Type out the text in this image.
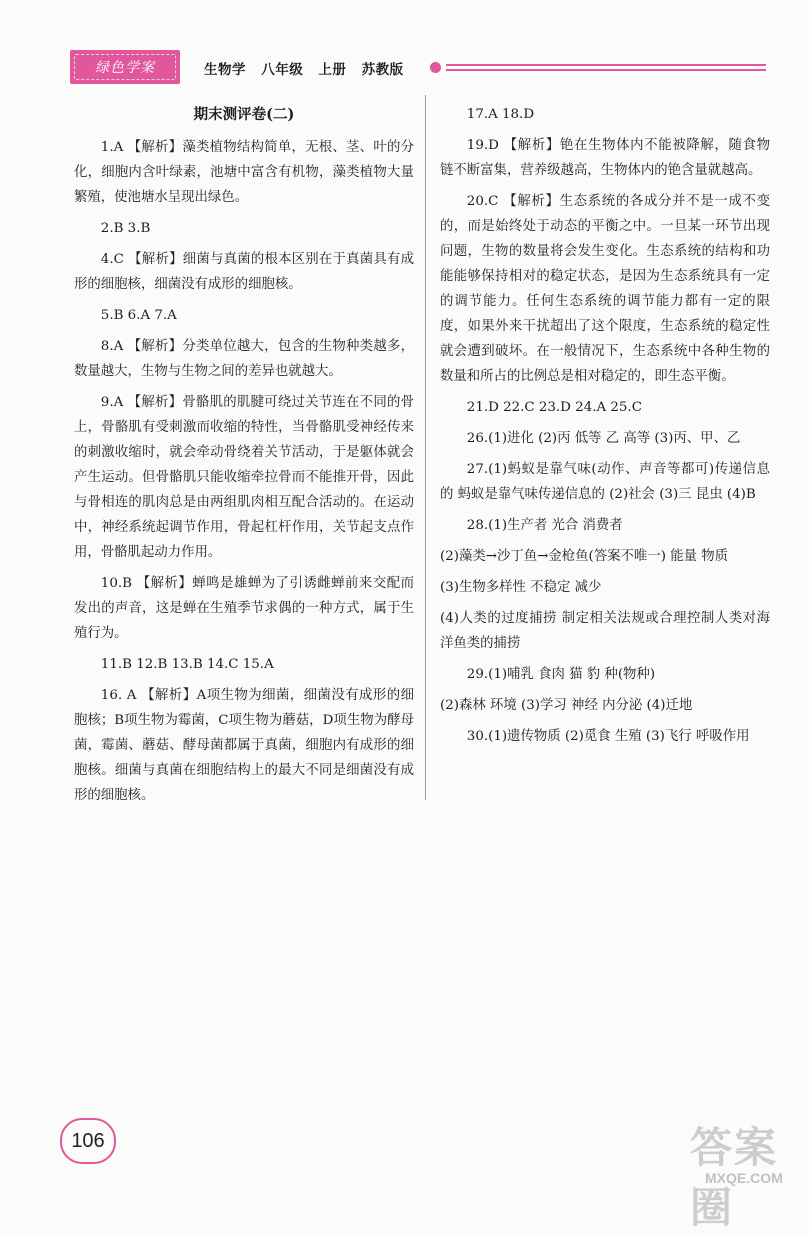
绿色学案	生物学 八年级 上册 苏教版
期末测评卷(二)

1.A 【解析】藻类植物结构简单，无根、茎、叶的分化，细胞内含叶绿素，池塘中富含有机物，藻类植物大量繁殖，使池塘水呈现出绿色。

2.B 3.B

4.C 【解析】细菌与真菌的根本区别在于真菌具有成形的细胞核，细菌没有成形的细胞核。

5.B 6.A 7.A

8.A 【解析】分类单位越大，包含的生物种类越多，数量越大，生物与生物之间的差异也就越大。

9.A 【解析】骨骼肌的肌腱可绕过关节连在不同的骨上，骨骼肌有受刺激而收缩的特性，当骨骼肌受神经传来的刺激收缩时，就会牵动骨绕着关节活动，于是躯体就会产生运动。但骨骼肌只能收缩牵拉骨而不能推开骨，因此与骨相连的肌肉总是由两组肌肉相互配合活动的。在运动中，神经系统起调节作用，骨起杠杆作用，关节起支点作用，骨骼肌起动力作用。

10.B 【解析】蝉鸣是雄蝉为了引诱雌蝉前来交配而发出的声音，这是蝉在生殖季节求偶的一种方式，属于生殖行为。

11.B 12.B 13.B 14.C 15.A

16. A 【解析】A项生物为细菌，细菌没有成形的细胞核；B项生物为霉菌，C项生物为蘑菇，D项生物为酵母菌，霉菌、蘑菇、酵母菌都属于真菌，细胞内有成形的细胞核。细菌与真菌在细胞结构上的最大不同是细菌没有成形的细胞核。

17.A 18.D

19.D 【解析】铯在生物体内不能被降解，随食物链不断富集，营养级越高，生物体内的铯含量就越高。

20.C 【解析】生态系统的各成分并不是一成不变的，而是始终处于动态的平衡之中。一旦某一环节出现问题，生物的数量将会发生变化。生态系统的结构和功能能够保持相对的稳定状态，是因为生态系统具有一定的调节能力。任何生态系统的调节能力都有一定的限度，如果外来干扰超出了这个限度，生态系统的稳定性就会遭到破坏。在一般情况下，生态系统中各种生物的数量和所占的比例总是相对稳定的，即生态平衡。

21.D 22.C 23.D 24.A 25.C

26.(1)进化 (2)丙 低等 乙 高等 (3)丙、甲、乙

27.(1)蚂蚁是靠气味(动作、声音等都可)传递信息的 蚂蚁是靠气味传递信息的 (2)社会 (3)三 昆虫 (4)B

28.(1)生产者 光合 消费者

(2)藻类→沙丁鱼→金枪鱼(答案不唯一) 能量 物质

(3)生物多样性 不稳定 减少

(4)人类的过度捕捞 制定相关法规或合理控制人类对海洋鱼类的捕捞

29.(1)哺乳 食肉 猫 豹 种(物种)

(2)森林 环境 (3)学习 神经 内分泌 (4)迁地

30.(1)遗传物质 (2)觅食 生殖 (3)飞行 呼吸作用

106	答案圈
MXQE.COM
